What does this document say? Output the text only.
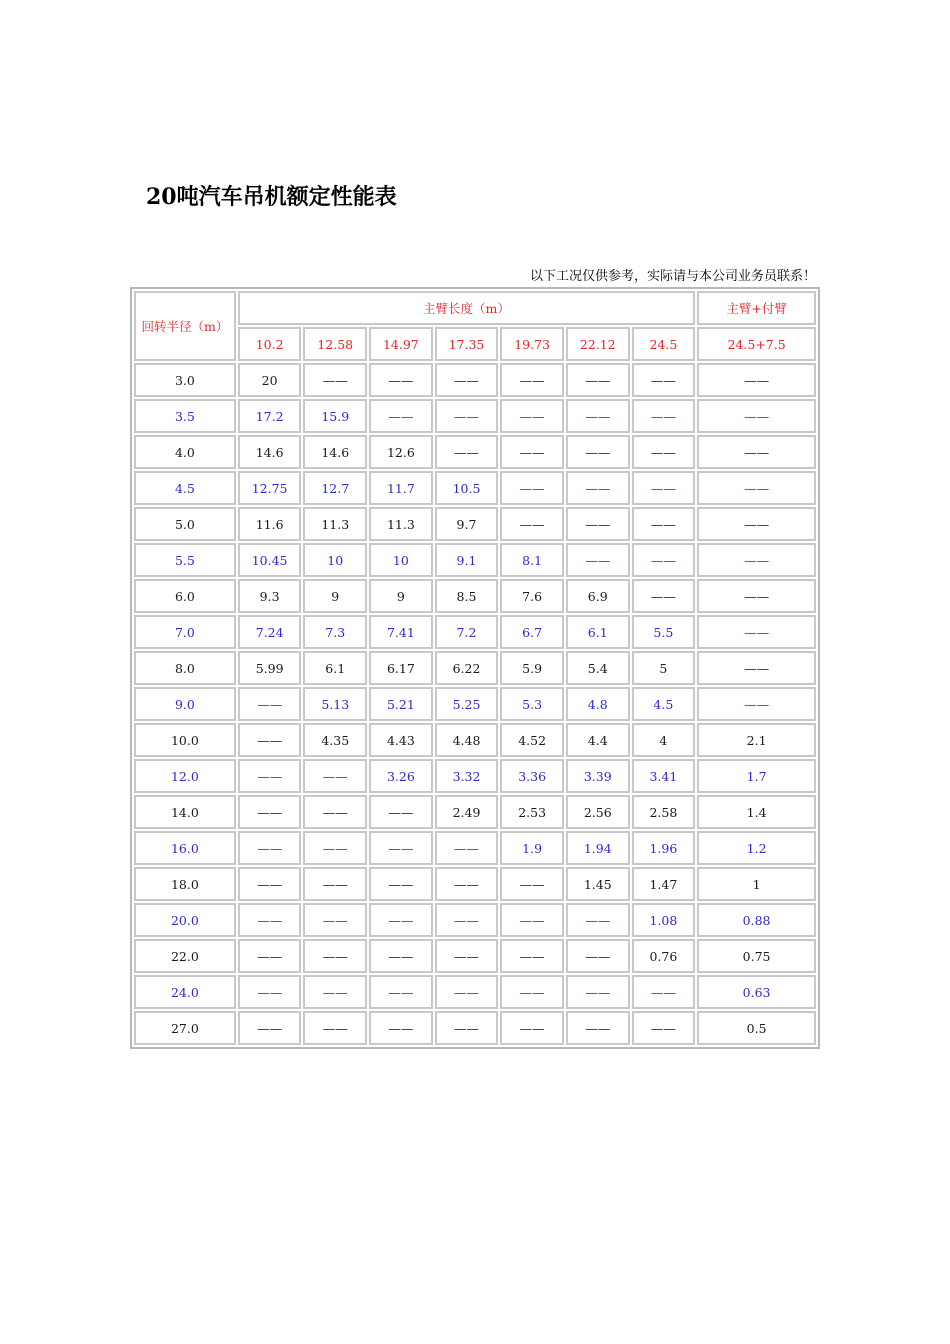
20吨汽车吊机额定性能表
以下工况仅供参考，实际请与本公司业务员联系！
回转半径（m）	主臂长度（m）							主臂+付臂
	10.2	12.58	14.97	17.35	19.73	22.12	24.5	24.5+7.5
3.0	20	——	——	——	——	——	——	——
3.5	17.2	15.9	——	——	——	——	——	——
4.0	14.6	14.6	12.6	——	——	——	——	——
4.5	12.75	12.7	11.7	10.5	——	——	——	——
5.0	11.6	11.3	11.3	9.7	——	——	——	——
5.5	10.45	10	10	9.1	8.1	——	——	——
6.0	9.3	9	9	8.5	7.6	6.9	——	——
7.0	7.24	7.3	7.41	7.2	6.7	6.1	5.5	——
8.0	5.99	6.1	6.17	6.22	5.9	5.4	5	——
9.0	——	5.13	5.21	5.25	5.3	4.8	4.5	——
10.0	——	4.35	4.43	4.48	4.52	4.4	4	2.1
12.0	——	——	3.26	3.32	3.36	3.39	3.41	1.7
14.0	——	——	——	2.49	2.53	2.56	2.58	1.4
16.0	——	——	——	——	1.9	1.94	1.96	1.2
18.0	——	——	——	——	——	1.45	1.47	1
20.0	——	——	——	——	——	——	1.08	0.88
22.0	——	——	——	——	——	——	0.76	0.75
24.0	——	——	——	——	——	——	——	0.63
27.0	——	——	——	——	——	——	——	0.5
